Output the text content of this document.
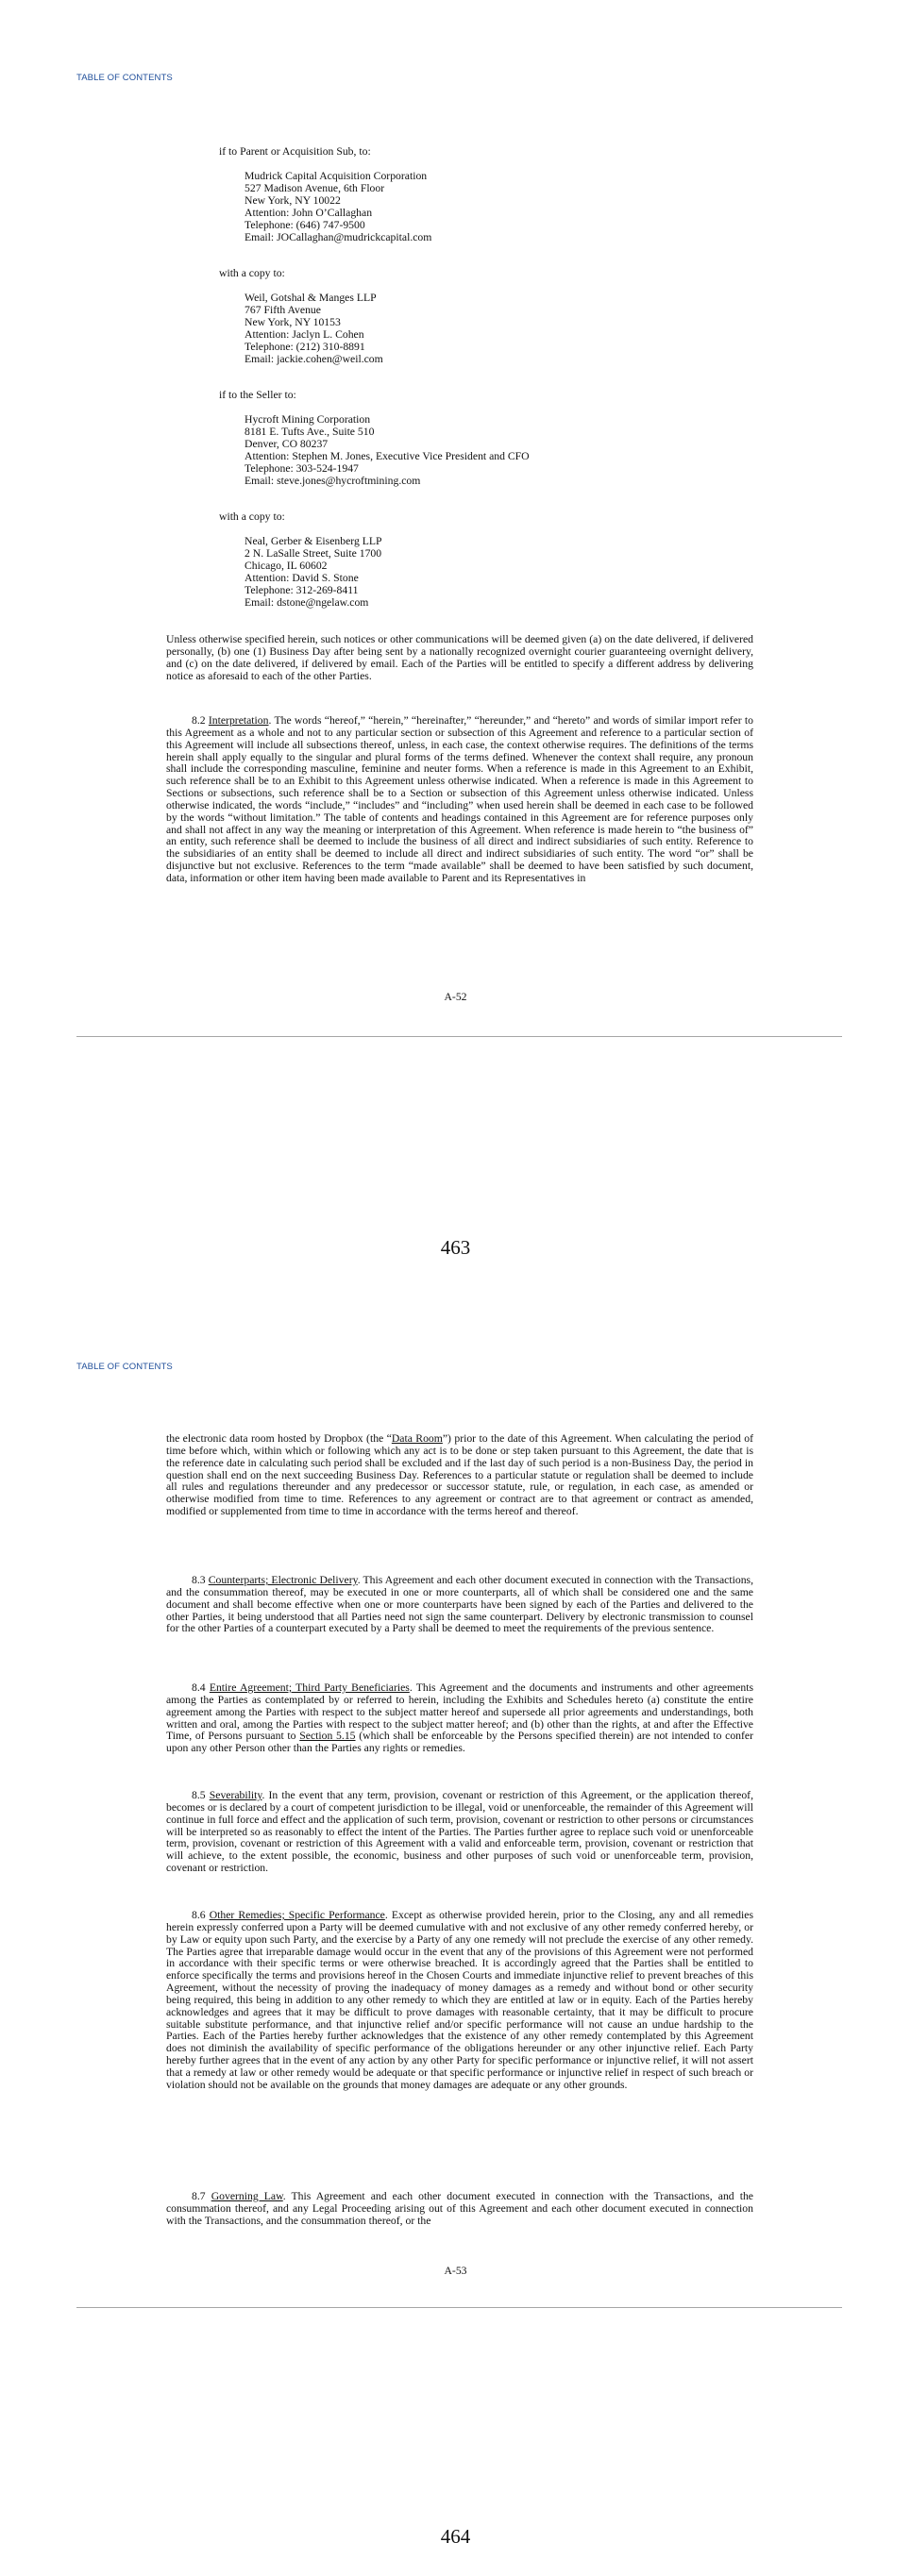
TABLE OF CONTENTS
if to Parent or Acquisition Sub, to:
Mudrick Capital Acquisition Corporation
527 Madison Avenue, 6th Floor
New York, NY 10022
Attention: John O’Callaghan
Telephone: (646) 747-9500
Email: JOCallaghan@mudrickcapital.com
with a copy to:
Weil, Gotshal & Manges LLP
767 Fifth Avenue
New York, NY 10153
Attention: Jaclyn L. Cohen
Telephone: (212) 310-8891
Email: jackie.cohen@weil.com
if to the Seller to:
Hycroft Mining Corporation
8181 E. Tufts Ave., Suite 510
Denver, CO 80237
Attention: Stephen M. Jones, Executive Vice President and CFO
Telephone: 303-524-1947
Email: steve.jones@hycroftmining.com
with a copy to:
Neal, Gerber & Eisenberg LLP
2 N. LaSalle Street, Suite 1700
Chicago, IL 60602
Attention: David S. Stone
Telephone: 312-269-8411
Email: dstone@ngelaw.com

Unless otherwise specified herein, such notices or other communications will be deemed given (a) on the date delivered, if delivered personally, (b) one (1) Business Day after being sent by a nationally recognized overnight courier guaranteeing overnight delivery, and (c) on the date delivered, if delivered by email. Each of the Parties will be entitled to specify a different address by delivering notice as aforesaid to each of the other Parties.

8.2 Interpretation. The words “hereof,” “herein,” “hereinafter,” “hereunder,” and “hereto” and words of similar import refer to this Agreement as a whole and not to any particular section or subsection of this Agreement and reference to a particular section of this Agreement will include all subsections thereof, unless, in each case, the context otherwise requires. The definitions of the terms herein shall apply equally to the singular and plural forms of the terms defined. Whenever the context shall require, any pronoun shall include the corresponding masculine, feminine and neuter forms. When a reference is made in this Agreement to an Exhibit, such reference shall be to an Exhibit to this Agreement unless otherwise indicated. When a reference is made in this Agreement to Sections or subsections, such reference shall be to a Section or subsection of this Agreement unless otherwise indicated. Unless otherwise indicated, the words “include,” “includes” and “including” when used herein shall be deemed in each case to be followed by the words “without limitation.” The table of contents and headings contained in this Agreement are for reference purposes only and shall not affect in any way the meaning or interpretation of this Agreement. When reference is made herein to “the business of” an entity, such reference shall be deemed to include the business of all direct and indirect subsidiaries of such entity. Reference to the subsidiaries of an entity shall be deemed to include all direct and indirect subsidiaries of such entity. The word “or” shall be disjunctive but not exclusive. References to the term “made available” shall be deemed to have been satisfied by such document, data, information or other item having been made available to Parent and its Representatives in

A-52
463
TABLE OF CONTENTS

the electronic data room hosted by Dropbox (the “Data Room”) prior to the date of this Agreement. When calculating the period of time before which, within which or following which any act is to be done or step taken pursuant to this Agreement, the date that is the reference date in calculating such period shall be excluded and if the last day of such period is a non-Business Day, the period in question shall end on the next succeeding Business Day. References to a particular statute or regulation shall be deemed to include all rules and regulations thereunder and any predecessor or successor statute, rule, or regulation, in each case, as amended or otherwise modified from time to time. References to any agreement or contract are to that agreement or contract as amended, modified or supplemented from time to time in accordance with the terms hereof and thereof.

8.3 Counterparts; Electronic Delivery. This Agreement and each other document executed in connection with the Transactions, and the consummation thereof, may be executed in one or more counterparts, all of which shall be considered one and the same document and shall become effective when one or more counterparts have been signed by each of the Parties and delivered to the other Parties, it being understood that all Parties need not sign the same counterpart. Delivery by electronic transmission to counsel for the other Parties of a counterpart executed by a Party shall be deemed to meet the requirements of the previous sentence.

8.4 Entire Agreement; Third Party Beneficiaries. This Agreement and the documents and instruments and other agreements among the Parties as contemplated by or referred to herein, including the Exhibits and Schedules hereto (a) constitute the entire agreement among the Parties with respect to the subject matter hereof and supersede all prior agreements and understandings, both written and oral, among the Parties with respect to the subject matter hereof; and (b) other than the rights, at and after the Effective Time, of Persons pursuant to Section 5.15 (which shall be enforceable by the Persons specified therein) are not intended to confer upon any other Person other than the Parties any rights or remedies.

8.5 Severability. In the event that any term, provision, covenant or restriction of this Agreement, or the application thereof, becomes or is declared by a court of competent jurisdiction to be illegal, void or unenforceable, the remainder of this Agreement will continue in full force and effect and the application of such term, provision, covenant or restriction to other persons or circumstances will be interpreted so as reasonably to effect the intent of the Parties. The Parties further agree to replace such void or unenforceable term, provision, covenant or restriction of this Agreement with a valid and enforceable term, provision, covenant or restriction that will achieve, to the extent possible, the economic, business and other purposes of such void or unenforceable term, provision, covenant or restriction.

8.6 Other Remedies; Specific Performance. Except as otherwise provided herein, prior to the Closing, any and all remedies herein expressly conferred upon a Party will be deemed cumulative with and not exclusive of any other remedy conferred hereby, or by Law or equity upon such Party, and the exercise by a Party of any one remedy will not preclude the exercise of any other remedy. The Parties agree that irreparable damage would occur in the event that any of the provisions of this Agreement were not performed in accordance with their specific terms or were otherwise breached. It is accordingly agreed that the Parties shall be entitled to enforce specifically the terms and provisions hereof in the Chosen Courts and immediate injunctive relief to prevent breaches of this Agreement, without the necessity of proving the inadequacy of money damages as a remedy and without bond or other security being required, this being in addition to any other remedy to which they are entitled at law or in equity. Each of the Parties hereby acknowledges and agrees that it may be difficult to prove damages with reasonable certainty, that it may be difficult to procure suitable substitute performance, and that injunctive relief and/or specific performance will not cause an undue hardship to the Parties. Each of the Parties hereby further acknowledges that the existence of any other remedy contemplated by this Agreement does not diminish the availability of specific performance of the obligations hereunder or any other injunctive relief. Each Party hereby further agrees that in the event of any action by any other Party for specific performance or injunctive relief, it will not assert that a remedy at law or other remedy would be adequate or that specific performance or injunctive relief in respect of such breach or violation should not be available on the grounds that money damages are adequate or any other grounds.

8.7 Governing Law. This Agreement and each other document executed in connection with the Transactions, and the consummation thereof, and any Legal Proceeding arising out of this Agreement and each other document executed in connection with the Transactions, and the consummation thereof, or the

A-53
464
